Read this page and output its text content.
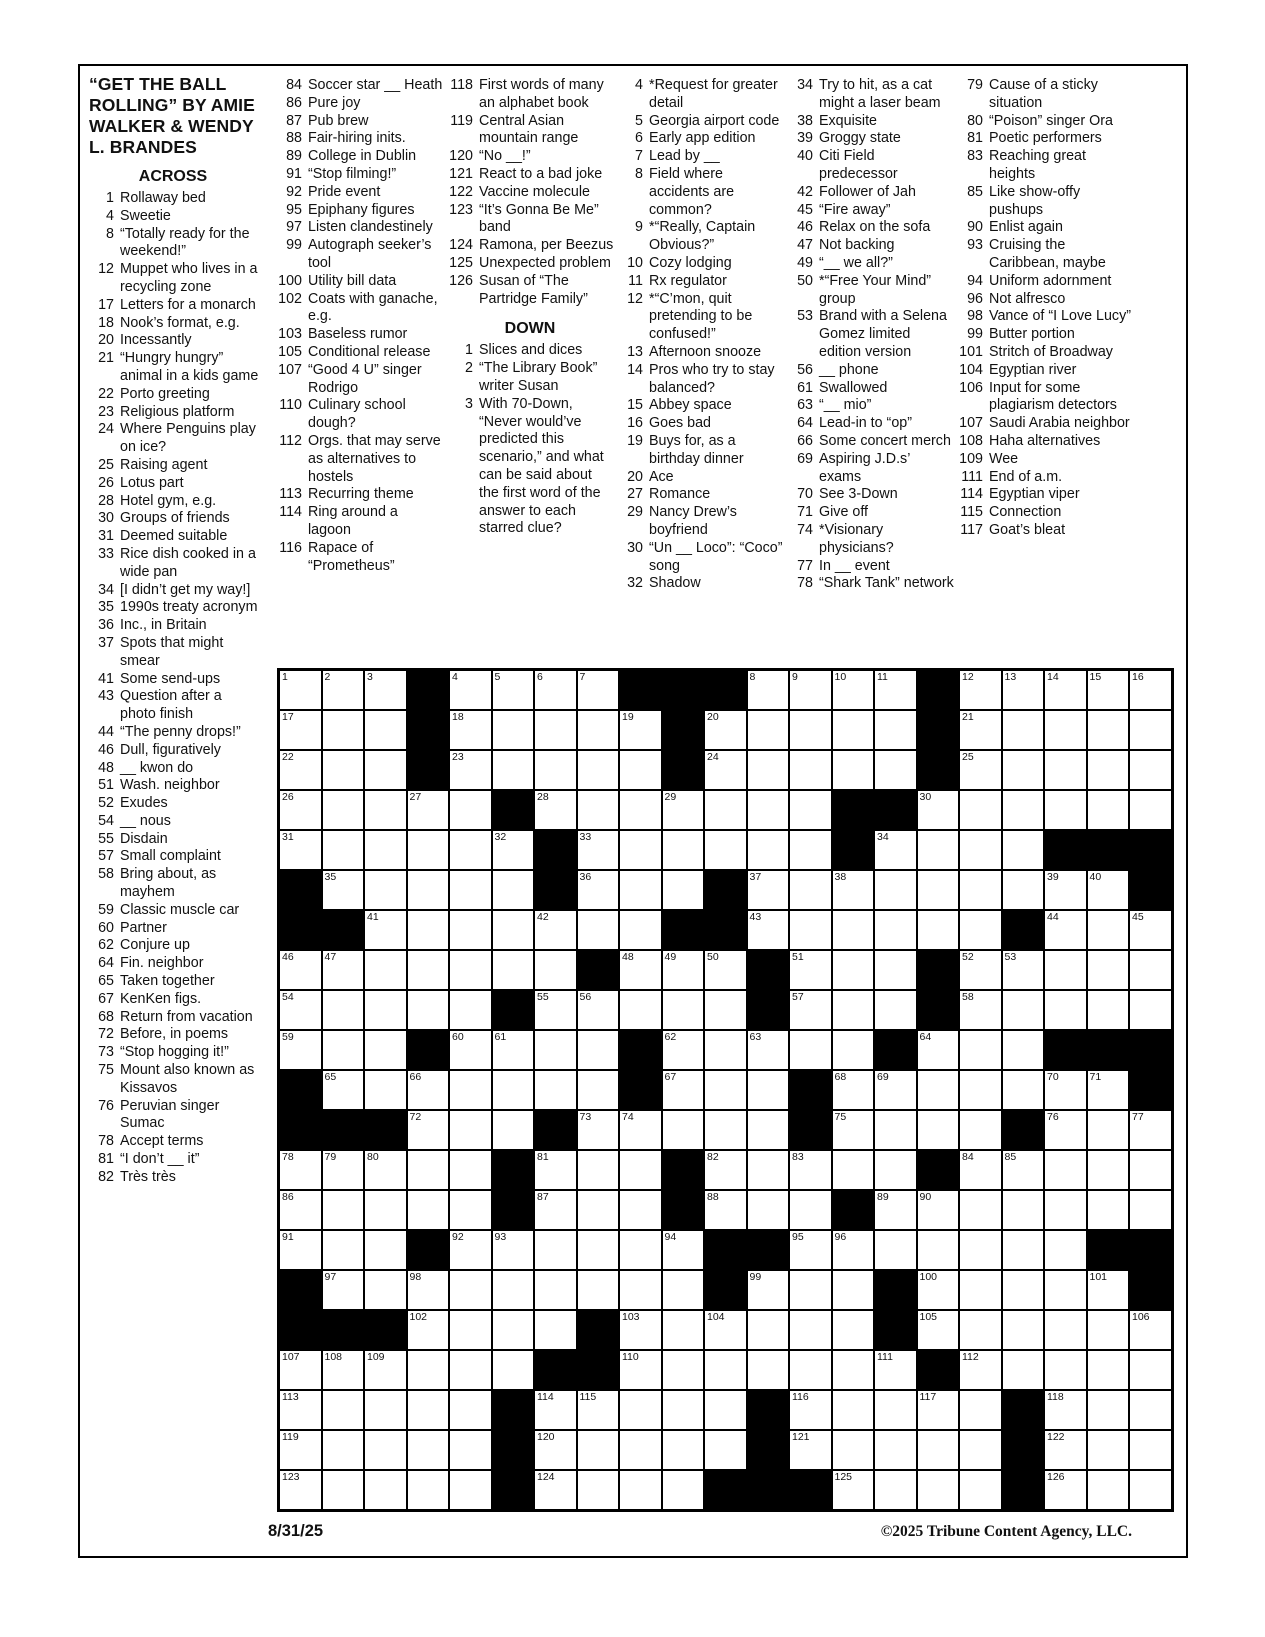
“GET THE BALL
ROLLING” BY AMIE
WALKER & WENDY
L. BRANDES
ACROSS
1 Rollaway bed
4 Sweetie
8 “Totally ready for the weekend!”
12 Muppet who lives in a recycling zone
17 Letters for a monarch
18 Nook’s format, e.g.
20 Incessantly
21 “Hungry hungry” animal in a kids game
22 Porto greeting
23 Religious platform
24 Where Penguins play on ice?
25 Raising agent
26 Lotus part
28 Hotel gym, e.g.
30 Groups of friends
31 Deemed suitable
33 Rice dish cooked in a wide pan
34 [I didn’t get my way!]
35 1990s treaty acronym
36 Inc., in Britain
37 Spots that might smear
41 Some send-ups
43 Question after a photo finish
44 “The penny drops!”
46 Dull, figuratively
48 __ kwon do
51 Wash. neighbor
52 Exudes
54 __ nous
55 Disdain
57 Small complaint
58 Bring about, as mayhem
59 Classic muscle car
60 Partner
62 Conjure up
64 Fin. neighbor
65 Taken together
67 KenKen figs.
68 Return from vacation
72 Before, in poems
73 “Stop hogging it!”
75 Mount also known as Kissavos
76 Peruvian singer Sumac
78 Accept terms
81 “I don’t __ it”
82 Très très
84 Soccer star __ Heath
86 Pure joy
87 Pub brew
88 Fair-hiring inits.
89 College in Dublin
91 “Stop filming!”
92 Pride event
95 Epiphany figures
97 Listen clandestinely
99 Autograph seeker’s tool
100 Utility bill data
102 Coats with ganache, e.g.
103 Baseless rumor
105 Conditional release
107 “Good 4 U” singer Rodrigo
110 Culinary school dough?
112 Orgs. that may serve as alternatives to hostels
113 Recurring theme
114 Ring around a lagoon
116 Rapace of “Prometheus”
118 First words of many an alphabet book
119 Central Asian mountain range
120 “No __!”
121 React to a bad joke
122 Vaccine molecule
123 “It’s Gonna Be Me” band
124 Ramona, per Beezus
125 Unexpected problem
126 Susan of “The Partridge Family”
DOWN
1 Slices and dices
2 “The Library Book” writer Susan
3 With 70-Down, “Never would’ve predicted this scenario,” and what can be said about the first word of the answer to each starred clue?
4 *Request for greater detail
5 Georgia airport code
6 Early app edition
7 Lead by __
8 Field where accidents are common?
9 *“Really, Captain Obvious?”
10 Cozy lodging
11 Rx regulator
12 *“C’mon, quit pretending to be confused!”
13 Afternoon snooze
14 Pros who try to stay balanced?
15 Abbey space
16 Goes bad
19 Buys for, as a birthday dinner
20 Ace
27 Romance
29 Nancy Drew’s boyfriend
30 “Un __ Loco”: “Coco” song
32 Shadow
34 Try to hit, as a cat might a laser beam
38 Exquisite
39 Groggy state
40 Citi Field predecessor
42 Follower of Jah
45 “Fire away”
46 Relax on the sofa
47 Not backing
49 “__ we all?”
50 *“Free Your Mind” group
53 Brand with a Selena Gomez limited edition version
56 __ phone
61 Swallowed
63 “__ mio”
64 Lead-in to “op”
66 Some concert merch
69 Aspiring J.D.s’ exams
70 See 3-Down
71 Give off
74 *Visionary physicians?
77 In __ event
78 “Shark Tank” network
79 Cause of a sticky situation
80 “Poison” singer Ora
81 Poetic performers
83 Reaching great heights
85 Like show-offy pushups
90 Enlist again
93 Cruising the Caribbean, maybe
94 Uniform adornment
96 Not alfresco
98 Vance of “I Love Lucy”
99 Butter portion
101 Stritch of Broadway
104 Egyptian river
106 Input for some plagiarism detectors
107 Saudi Arabia neighbor
108 Haha alternatives
109 Wee
111 End of a.m.
114 Egyptian viper
115 Connection
117 Goat’s bleat
1	2	3	4	5	6	7	8	9	10	11	12	13	14	15	16
17	18	19	20	21
22	23	24	25
26	27	28	29	30
31	32	33	34
35	36	37	38	39	40
41	42	43	44	45
46	47	48	49	50	51	52	53
54	55	56	57	58
59	60	61	62	63	64
65	66	67	68	69	70	71
72	73	74	75	76	77
78	79	80	81	82	83	84	85
86	87	88	89	90
91	92	93	94	95	96
97	98	99	100	101
102	103	104	105	106
107 108 109	110	111	112
113	114 115	116	117	118
119	120	121	122
123	124	125	126
8/31/25	©2025 Tribune Content Agency, LLC.
